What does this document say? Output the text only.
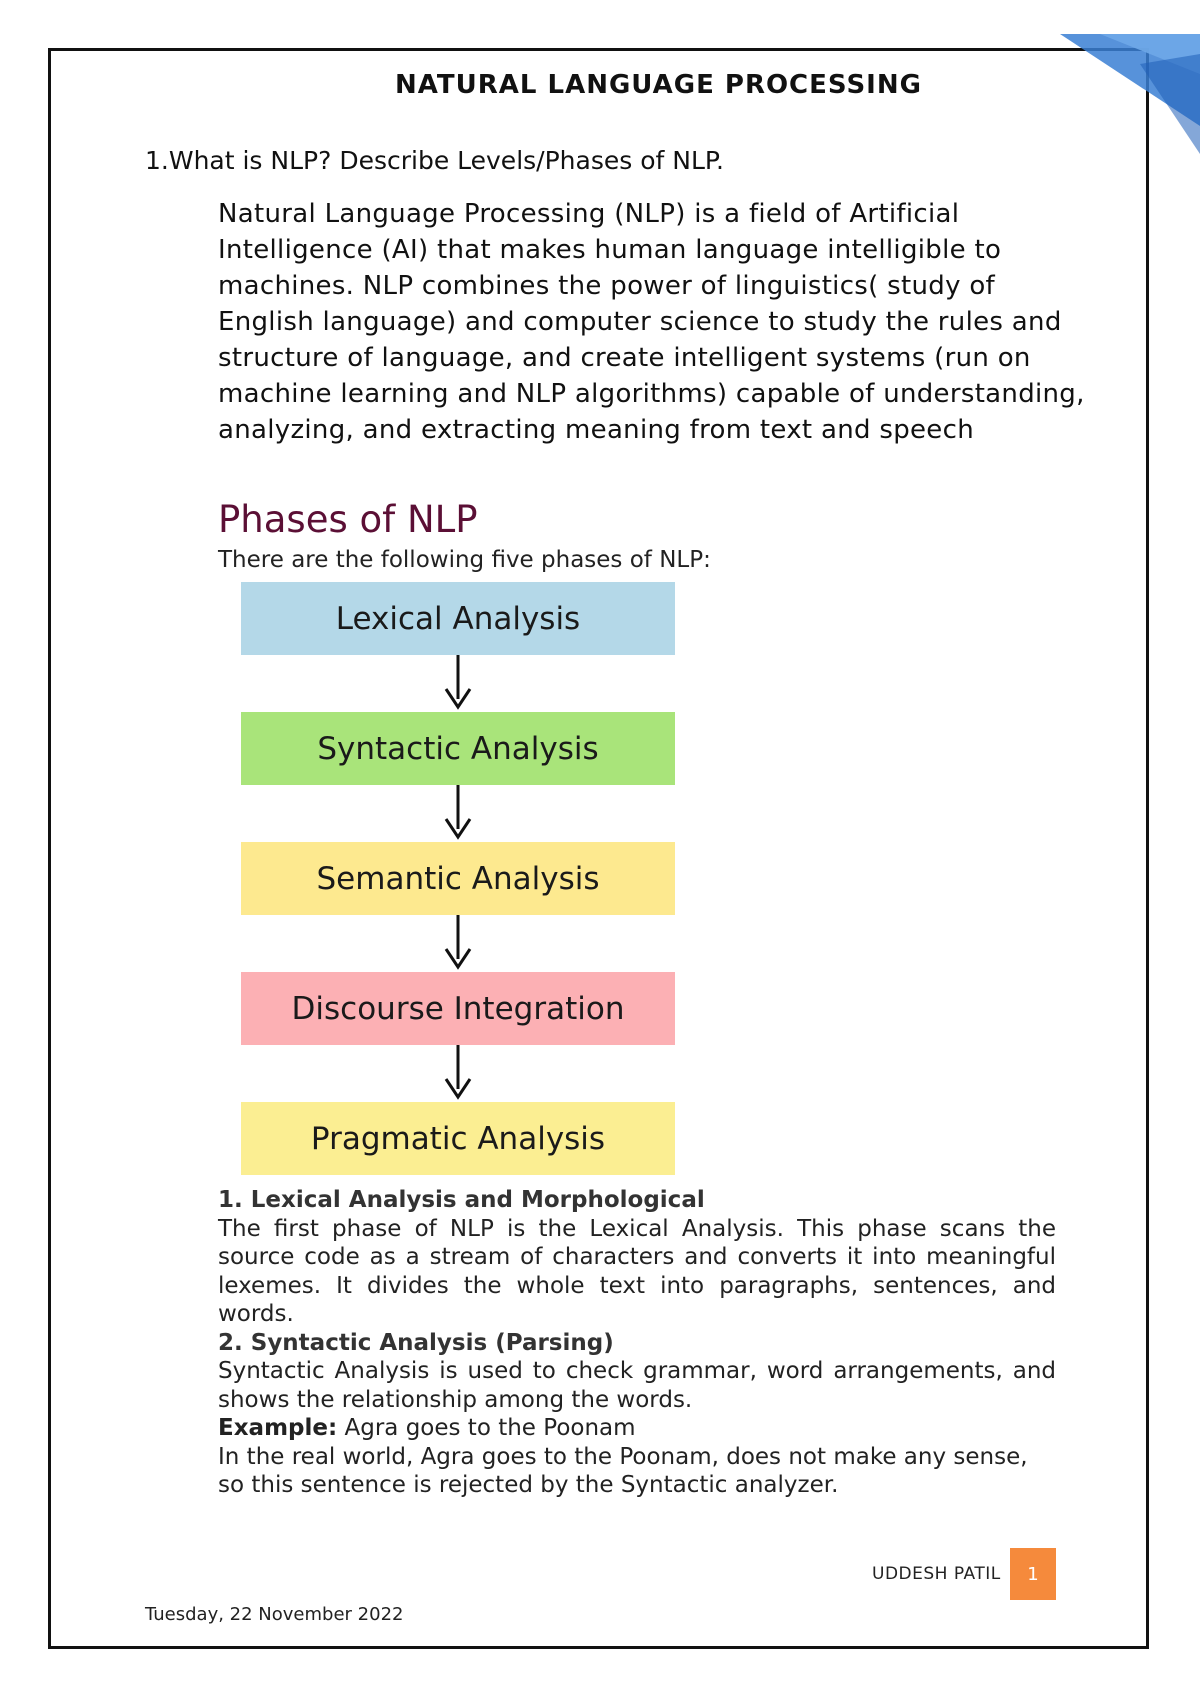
NATURAL LANGUAGE PROCESSING
1.What is NLP? Describe Levels/Phases of NLP.

Natural Language Processing (NLP) is a field of Artificial Intelligence (AI) that makes human language intelligible to machines. NLP combines the power of linguistics( study of English language) and computer science to study the rules and structure of language, and create intelligent systems (run on machine learning and NLP algorithms) capable of understanding, analyzing, and extracting meaning from text and speech

Phases of NLP
There are the following five phases of NLP:
Lexical Analysis
Syntactic Analysis
Semantic Analysis
Discourse Integration
Pragmatic Analysis

1. Lexical Analysis and Morphological

The first phase of NLP is the Lexical Analysis. This phase scans the source code as a stream of characters and converts it into meaningful lexemes. It divides the whole text into paragraphs, sentences, and words.

2. Syntactic Analysis (Parsing)

Syntactic Analysis is used to check grammar, word arrangements, and shows the relationship among the words.

Example: Agra goes to the Poonam

In the real world, Agra goes to the Poonam, does not make any sense, so this sentence is rejected by the Syntactic analyzer.

UDDESH PATIL	1
Tuesday, 22 November 2022
